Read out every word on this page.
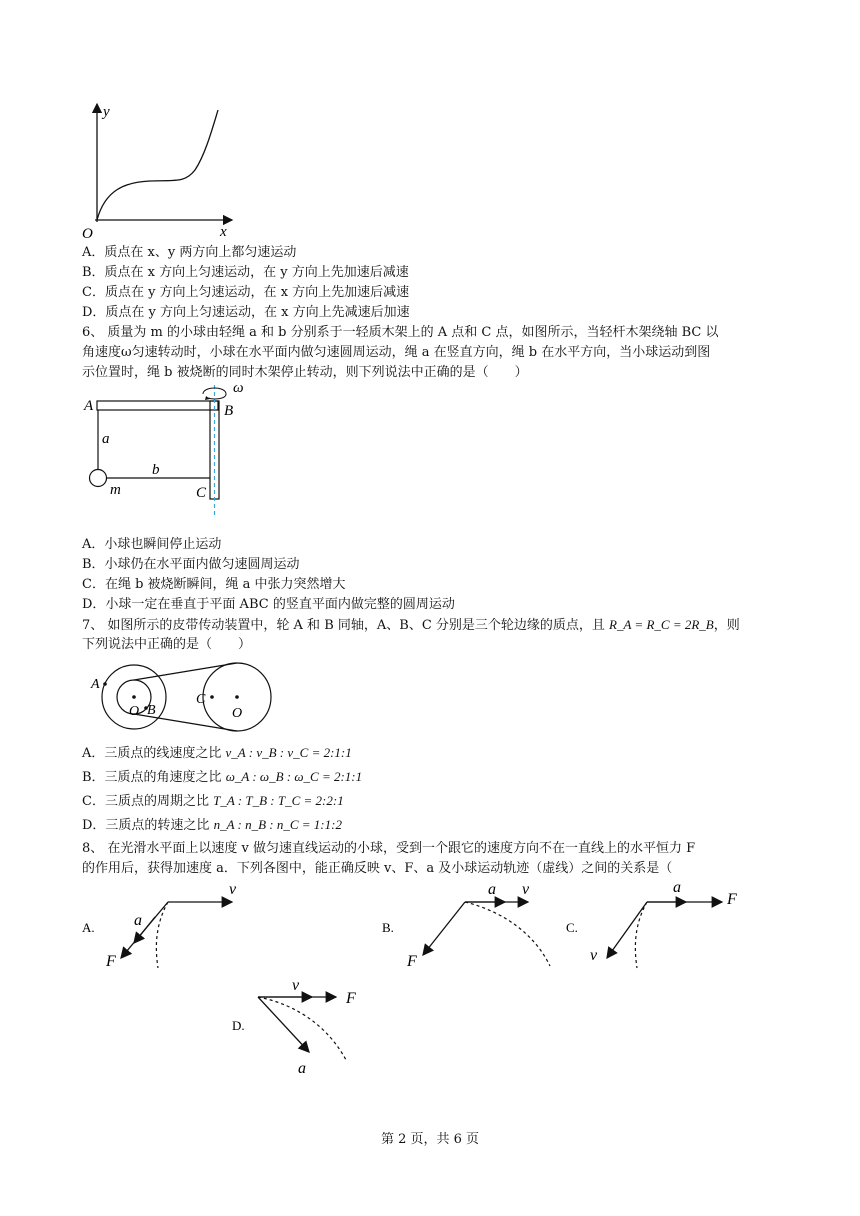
y
x
O
A．质点在 x、y 两方向上都匀速运动
B．质点在 x 方向上匀速运动，在 y 方向上先加速后减速
C．质点在 y 方向上匀速运动，在 x 方向上先加速后减速
D．质点在 y 方向上匀速运动，在 x 方向上先减速后加速
6、 质量为 m 的小球由轻绳 a 和 b 分别系于一轻质木架上的 A 点和 C 点，如图所示，当轻杆木架绕轴 BC 以
角速度ω匀速转动时，小球在水平面内做匀速圆周运动，绳 a 在竖直方向，绳 b 在水平方向，当小球运动到图
示位置时，绳 b 被烧断的同时木架停止转动，则下列说法中正确的是（　　）
A	B
C
a
b
m
ω
A．小球也瞬间停止运动
B．小球仍在水平面内做匀速圆周运动
C．在绳 b 被烧断瞬间，绳 a 中张力突然增大
D．小球一定在垂直于平面 ABC 的竖直平面内做完整的圆周运动
7、 如图所示的皮带传动装置中，轮 A 和 B 同轴，A、B、C 分别是三个轮边缘的质点，且 R_A = R_C = 2R_B，则
下列说法中正确的是（　　）
A
O B
C
O
A．三质点的线速度之比 v_A : v_B : v_C = 2:1:1
B．三质点的角速度之比 ω_A : ω_B : ω_C = 2:1:1
C．三质点的周期之比 T_A : T_B : T_C = 2:2:1
D．三质点的转速之比 n_A : n_B : n_C = 1:1:2
8、 在光滑水平面上以速度 v 做匀速直线运动的小球，受到一个跟它的速度方向不在一直线上的水平恒力 F
的作用后，获得加速度 a．下列各图中，能正确反映 v、F、a 及小球运动轨迹（虚线）之间的关系是（
v
a
F
A.
a v
F
B.
a
F
v
C.
v
F
a
D.
第 2 页，共 6 页
